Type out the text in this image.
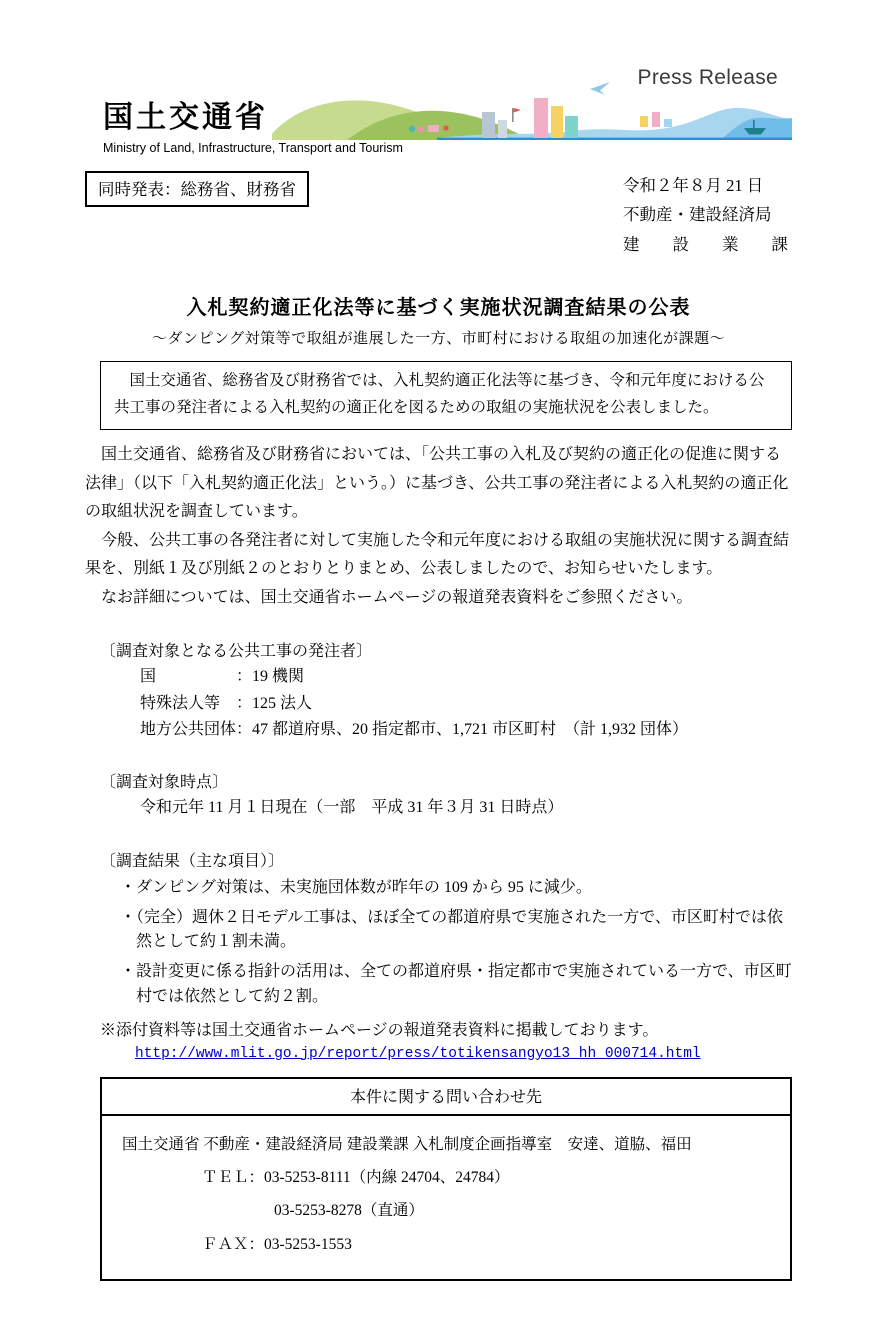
Press Release
国土交通省
Ministry of Land, Infrastructure, Transport and Tourism
同時発表：総務省、財務省	令和２年８月 21 日
不動産・建設経済局
建　　設　　業　　課
入札契約適正化法等に基づく実施状況調査結果の公表
～ダンピング対策等で取組が進展した一方、市町村における取組の加速化が課題～
　国土交通省、総務省及び財務省では、入札契約適正化法等に基づき、令和元年度における公共工事の発注者による入札契約の適正化を図るための取組の実施状況を公表しました。
　国土交通省、総務省及び財務省においては、「公共工事の入札及び契約の適正化の促進に関する法律」（以下「入札契約適正化法」という。）に基づき、公共工事の発注者による入札契約の適正化の取組状況を調査しています。
　今般、公共工事の各発注者に対して実施した令和元年度における取組の実施状況に関する調査結果を、別紙１及び別紙２のとおりとりまとめ、公表しましたので、お知らせいたします。
　なお詳細については、国土交通省ホームページの報道発表資料をご参照ください。
〔調査対象となる公共工事の発注者〕
国　　　　　：19 機関
特殊法人等　：125 法人
地方公共団体：47 都道府県、20 指定都市、1,721 市区町村　（計 1,932 団体）
〔調査対象時点〕
令和元年 11 月１日現在（一部　平成 31 年３月 31 日時点）
〔調査結果（主な項目）〕
・ダンピング対策は、未実施団体数が昨年の 109 から 95 に減少。
・（完全）週休２日モデル工事は、ほぼ全ての都道府県で実施された一方で、市区町村では依然として約１割未満。
・設計変更に係る指針の活用は、全ての都道府県・指定都市で実施されている一方で、市区町村では依然として約２割。
※添付資料等は国土交通省ホームページの報道発表資料に掲載しております。
http://www.mlit.go.jp/report/press/totikensangyo13_hh_000714.html
本件に関する問い合わせ先
国土交通省 不動産・建設経済局 建設業課 入札制度企画指導室　安達、道脇、福田
ＴＥＬ：03-5253-8111（内線 24704、24784）
03-5253-8278（直通）
ＦＡＸ：03-5253-1553
